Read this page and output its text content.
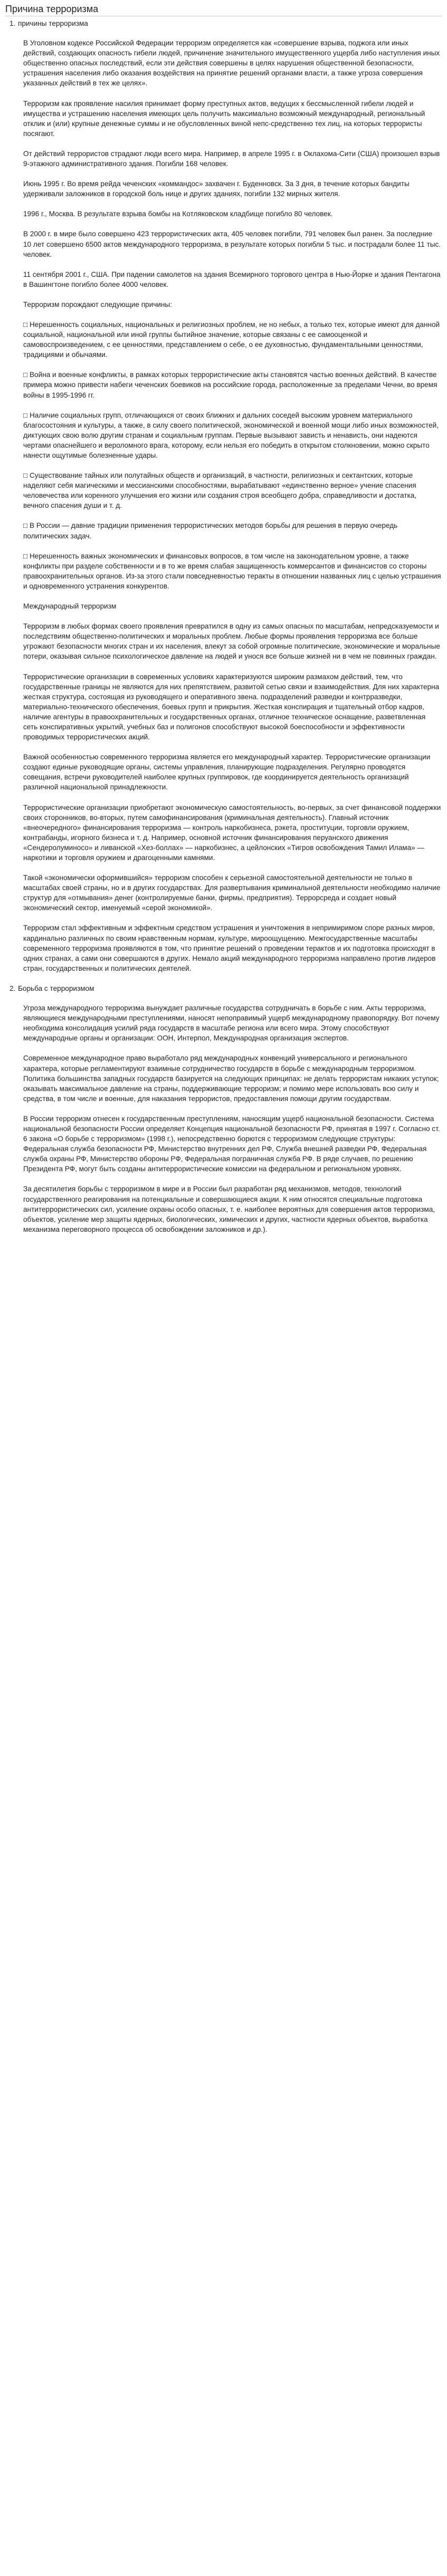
Причина терроризма
1. причины терроризма

В Уголовном кодексе Российской Федерации терроризм определяется как «совершение взрыва, поджога или иных действий, создающих опасность гибели людей, причинение значительного имущественного ущерба либо наступления иных общественно опасных последствий, если эти действия совершены в целях нарушения общественной безопасности, устрашения населения либо оказания воздействия на принятие решений органами власти, а также угроза совершения указанных действий в тех же целях».

Терроризм как проявление насилия принимает форму преступных актов, ведущих к бессмысленной гибели людей и имущества и устрашению населения имеющих цель получить максимально возможный международный, региональный отклик и (или) крупные денежные суммы и не обусловленных виной непс-средственно тех лиц, на которых террористы посягают.

От действий террористов страдают люди всего мира. Например, в апреле 1995 г. в Оклахома-Сити (США) произошел взрыв 9-этажного административного здания. Погибли 168 человек.

Июнь 1995 г. Во время рейда чеченских «коммандос» захвачен г. Буденновск. За 3 дня, в течение которых бандиты удерживали заложников в городской боль нице и других зданиях, погибли 132 мирных жителя.

1996 г., Москва. В результате взрыва бомбы на Котляковском кладбище погибло 80 человек.

В 2000 г. в мире было совершено 423 террористических акта, 405 человек погибли, 791 человек был ранен. За последние 10 лет совершено 6500 актов международного терроризма, в результате которых погибли 5 тыс. и пострадали более 11 тыс. человек.

11 сентября 2001 г., США. При падении самолетов на здания Всемирного торгового центра в Нью-Йорке и здания Пентагона в Вашингтоне погибло более 4000 человек.

Терроризм порождают следующие причины:

□ Нерешенность социальных, национальных и религиозных проблем, не но небых, а только тех, которые имеют для данной социальной, национальной или иной группы бытийное значение, которые связаны с ее самооценкой и самовоспроизведением, с ее ценностями, представлением о себе, о ее духовностью, фундаментальными ценностями, традициями и обычаями.

□ Война и военные конфликты, в рамках которых террористические акты становятся частью военных действий. В качестве примера можно привести набеги чеченских боевиков на российские города, расположенные за пределами Чечни, во время войны в 1995-1996 гг.

□ Наличие социальных групп, отличающихся от своих ближних и дальних соседей высоким уровнем материального благосостояния и культуры, а также, в силу своего политической, экономической и военной мощи либо иных возможностей, диктующих свою волю другим странам и социальным группам. Первые вызывают зависть и ненависть, они надеются чертами опаснейшего и вероломного врага, которому, если нельзя его победить в открытом столкновении, можно скрыто нанести ощутимые болезненные удары.

□ Существование тайных или полутайных обществ и организаций, в частности, религиозных и сектантских, которые наделяют себя магическими и мессианскими способностями, вырабатывают «единственно верное» учение спасения человечества или коренного улучшения его жизни или создания строя всеобщего добра, справедливости и достатка, вечного спасения души и т. д.

□ В России — давние традиции применения террористических методов борьбы для решения в первую очередь политических задач.

□ Нерешенность важных экономических и финансовых вопросов, в том числе на законодательном уровне, а также конфликты при разделе собственности и в то же время слабая защищенность коммерсантов и финансистов со стороны правоохранительных органов. Из-за этого стали повседневностью теракты в отношении названных лиц с целью устрашения и одновременного устранения конкурентов.

Международный терроризм

Терроризм в любых формах своего проявления превратился в одну из самых опасных по масштабам, непредсказуемости и последствиям общественно-политических и моральных проблем. Любые формы проявления терроризма все больше угрожают безопасности многих стран и их населения, влекут за собой огромные политические, экономические и моральные потери, оказывая сильное психологическое давление на людей и унося все больше жизней ни в чем не повинных граждан.

Террористические организации в современных условиях характеризуются широким размахом действий, тем, что государственные границы не являются для них препятствием, развитой сетью связи и взаимодействия. Для них характерна жесткая структура, состоящая из руководящего и оперативного звена. подразделений разведки и контрразведки, материально-технического обеспечения, боевых групп и прикрытия. Жесткая конспирация и тщательный отбор кадров, наличие агентуры в правоохранительных и государственных органах, отличное техническое оснащение, разветвленная сеть конспиративных укрытий, учебных баз и полигонов способствуют высокой боеспособности и эффективности проводимых террористических акций.

Важной особенностью современного терроризма является его международный характер. Террористические организации создают единые руководящие органы, системы управления, планирующие подразделения. Регулярно проводятся совещания, встречи руководителей наиболее крупных группировок, где координируется деятельность организаций различной национальной принадлежности.

Террористические организации приобретают экономическую самостоятельность, во-первых, за счет финансовой поддержки своих сторонников, во-вторых, путем самофинансирования (криминальная деятельность). Главный источник «внеочередного» финансирования терроризма — контроль наркобизнеса, рэкета, проституции, торговли оружием, контрабанды, игорного бизнеса и т. д. Например, основной источник финансирования перуанского движения «Сендеролуминосо» и ливанской «Хез-боллах» — наркобизнес, а цейлонских «Тигров освобождения Тамил Илама» — наркотики и торговля оружием и драгоценными камнями.

Такой «экономически оформившийся» терроризм способен к серьезной самостоятельной деятельности не только в масштабах своей страны, но и в других государствах. Для развертывания криминальной деятельности необходимо наличие структур для «отмывания» денег (контролируемые банки, фирмы, предприятия). Террорсреда и создает новый экономический сектор, именуемый «серой экономикой».

Терроризм стал эффективным и эффектным средством устрашения и уничтожения в непримиримом споре разных миров, кардинально различных по своим нравственным нормам, культуре, мироощущению. Межгосударственные масштабы современного терроризма проявляются в том, что принятие решений о проведении терактов и их подготовка происходят в одних странах, а сами они совершаются в других. Немало акций международного терроризма направлено против лидеров стран, государственных и политических деятелей.

2. Борьба с терроризмом

Угроза международного терроризма вынуждает различные государства сотрудничать в борьбе с ним. Акты терроризма, являющиеся международными преступлениями, наносят непоправимый ущерб международному правопорядку. Вот почему необходима консолидация усилий ряда государств в масштабе региона или всего мира. Этому способствуют международные органы и организации: ООН, Интерпол, Международная организация экспертов.

Современное международное право выработало ряд международных конвенций универсального и регионального характера, которые регламентируют взаимные сотрудничество государств в борьбе с международным терроризмом. Политика большинства западных государств базируется на следующих принципах: не делать террористам никаких уступок; оказывать максимальное давление на страны, поддерживающие терроризм; и помимо мере использовать всю силу и средства, в том числе и военные, для наказания террористов, предоставления помощи другим государствам.

В России терроризм отнесен к государственным преступлениям, наносящим ущерб национальной безопасности. Система национальной безопасности России определяет Концепция национальной безопасности РФ, принятая в 1997 г. Согласно ст. 6 закона «О борьбе с терроризмом» (1998 г.), непосредственно борются с терроризмом следующие структуры: Федеральная служба безопасности РФ, Министерство внутренних дел РФ, Служба внешней разведки РФ, Федеральная служба охраны РФ, Министерство обороны РФ, Федеральная пограничная служба РФ. В ряде случаев, по решению Президента РФ, могут быть созданы антитеррористические комиссии на федеральном и региональном уровнях.

За десятилетия борьбы с терроризмом в мире и в России был разработан ряд механизмов, методов, технологий государственного реагирования на потенциальные и совершающиеся акции. К ним относятся специальные подготовка антитеррористических сил, усиление охраны особо опасных, т. е. наиболее вероятных для совершения актов терроризма, объектов, усиление мер защиты ядерных, биологических, химических и других, частности ядерных объектов, выработка механизма переговорного процесса об освобождении заложников и др.).
